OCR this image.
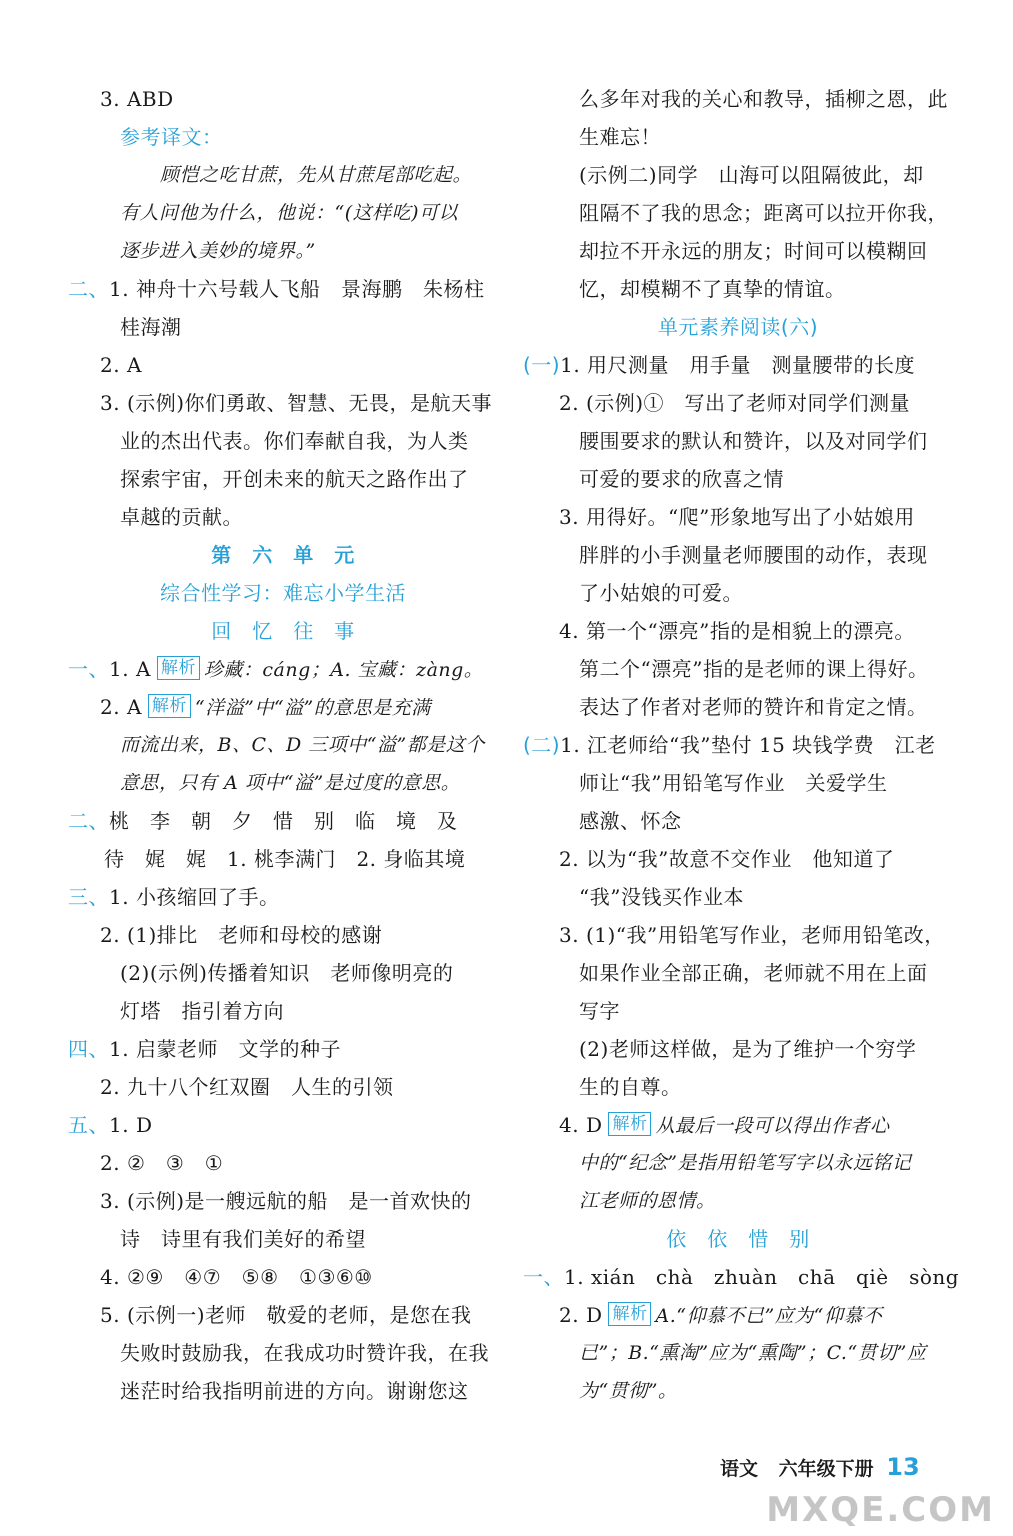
3. ABD
参考译文：
顾恺之吃甘蔗，先从甘蔗尾部吃起。
有人问他为什么，他说：“(这样吃)可以
逐步进入美妙的境界。”
二、1. 神舟十六号载人飞船　景海鹏　朱杨柱
桂海潮
2. A
3. (示例)你们勇敢、智慧、无畏，是航天事
业的杰出代表。你们奉献自我，为人类
探索宇宙，开创未来的航天之路作出了
卓越的贡献。
第　六　单　元
综合性学习：难忘小学生活
回　忆　往　事
一、1. A 解析 珍藏：cáng；A. 宝藏：zàng。
2. A 解析 “洋溢”中“溢”的意思是充满
而流出来，B、C、D 三项中“溢”都是这个
意思，只有 A 项中“溢”是过度的意思。
二、桃　李　朝　夕　惜　别　临　境　及
待　娓　娓　1. 桃李满门　2. 身临其境
三、1. 小孩缩回了手。
2. (1)排比　老师和母校的感谢
(2)(示例)传播着知识　老师像明亮的
灯塔　指引着方向
四、1. 启蒙老师　文学的种子
2. 九十八个红双圈　人生的引领
五、1. D
2. ②　③　①
3. (示例)是一艘远航的船　是一首欢快的
诗　诗里有我们美好的希望
4. ②⑨　④⑦　⑤⑧　①③⑥⑩
5. (示例一)老师　敬爱的老师，是您在我
失败时鼓励我，在我成功时赞许我，在我
迷茫时给我指明前进的方向。谢谢您这
么多年对我的关心和教导，插柳之恩，此
生难忘！
(示例二)同学　山海可以阻隔彼此，却
阻隔不了我的思念；距离可以拉开你我，
却拉不开永远的朋友；时间可以模糊回
忆，却模糊不了真挚的情谊。
单元素养阅读(六)
(一)1. 用尺测量　用手量　测量腰带的长度
2. (示例)①　写出了老师对同学们测量
腰围要求的默认和赞许，以及对同学们
可爱的要求的欣喜之情
3. 用得好。“爬”形象地写出了小姑娘用
胖胖的小手测量老师腰围的动作，表现
了小姑娘的可爱。
4. 第一个“漂亮”指的是相貌上的漂亮。
第二个“漂亮”指的是老师的课上得好。
表达了作者对老师的赞许和肯定之情。
(二)1. 江老师给“我”垫付 15 块钱学费　江老
师让“我”用铅笔写作业　关爱学生
感激、怀念
2. 以为“我”故意不交作业　他知道了
“我”没钱买作业本
3. (1)“我”用铅笔写作业，老师用铅笔改，
如果作业全部正确，老师就不用在上面
写字
(2)老师这样做，是为了维护一个穷学
生的自尊。
4. D 解析 从最后一段可以得出作者心
中的“纪念”是指用铅笔写字以永远铭记
江老师的恩情。
依　依　惜　别
一、1. xián　chà　zhuàn　chā　qiè　sòng
2. D 解析 A.“仰慕不已”应为“仰慕不
已”；B.“熏淘”应为“熏陶”；C.“贯切”应
为“贯彻”。
语文 六年级下册 13
MXQE.COM
